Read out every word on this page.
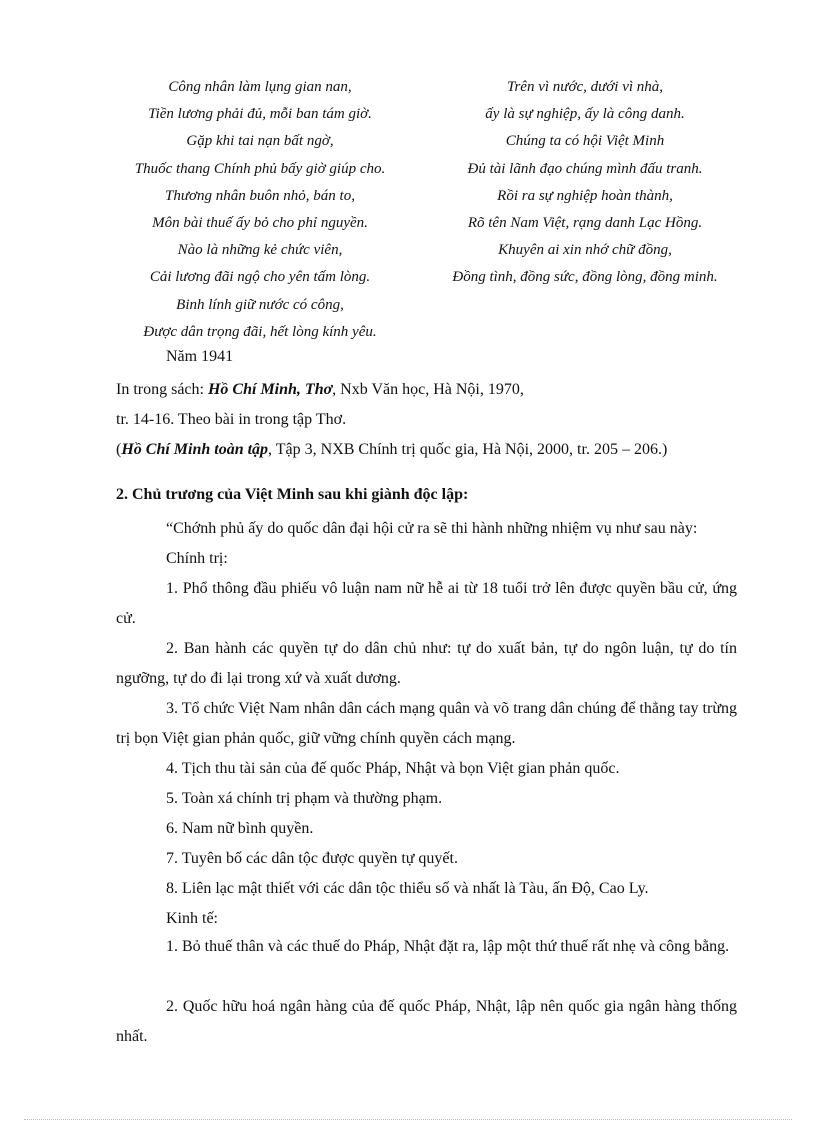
Công nhân làm lụng gian nan,
Tiền lương phải đủ, mỗi ban tám giờ.
Gặp khi tai nạn bất ngờ,
Thuốc thang Chính phủ bấy giờ giúp cho.
Thương nhân buôn nhỏ, bán to,
Môn bài thuế ấy bỏ cho phỉ nguyền.
Nào là những kẻ chức viên,
Cải lương đãi ngộ cho yên tấm lòng.
Binh lính giữ nước có công,
Được dân trọng đãi, hết lòng kính yêu.
Trên vì nước, dưới vì nhà,
ấy là sự nghiệp, ấy là công danh.
Chúng ta có hội Việt Minh
Đủ tài lãnh đạo chúng mình đấu tranh.
Rồi ra sự nghiệp hoàn thành,
Rõ tên Nam Việt, rạng danh Lạc Hồng.
Khuyên ai xin nhớ chữ đồng,
Đồng tình, đồng sức, đồng lòng, đồng minh.
Năm 1941
In trong sách: Hồ Chí Minh, Thơ, Nxb Văn học, Hà Nội, 1970,
tr. 14-16. Theo bài in trong tập Thơ.
(Hồ Chí Minh toàn tập, Tập 3, NXB Chính trị quốc gia, Hà Nội, 2000, tr. 205 – 206.)
2. Chủ trương của Việt Minh sau khi giành độc lập:
“Chớnh phủ ấy do quốc dân đại hội cử ra sẽ thi hành những nhiệm vụ như sau này:
Chính trị:
1. Phổ thông đầu phiếu vô luận nam nữ hễ ai từ 18 tuổi trở lên được quyền bầu cử, ứng cử.
2. Ban hành các quyền tự do dân chủ như: tự do xuất bản, tự do ngôn luận, tự do tín ngưỡng, tự do đi lại trong xứ và xuất dương.
3. Tổ chức Việt Nam nhân dân cách mạng quân và võ trang dân chúng để thẳng tay trừng trị bọn Việt gian phản quốc, giữ vững chính quyền cách mạng.
4. Tịch thu tài sản của đế quốc Pháp, Nhật và bọn Việt gian phản quốc.
5. Toàn xá chính trị phạm và thường phạm.
6. Nam nữ bình quyền.
7. Tuyên bố các dân tộc được quyền tự quyết.
8. Liên lạc mật thiết với các dân tộc thiểu số và nhất là Tàu, ấn Độ, Cao Ly.
Kinh tế:
1. Bỏ thuế thân và các thuế do Pháp, Nhật đặt ra, lập một thứ thuế rất nhẹ và công bằng.
2. Quốc hữu hoá ngân hàng của đế quốc Pháp, Nhật, lập nên quốc gia ngân hàng thống nhất.
